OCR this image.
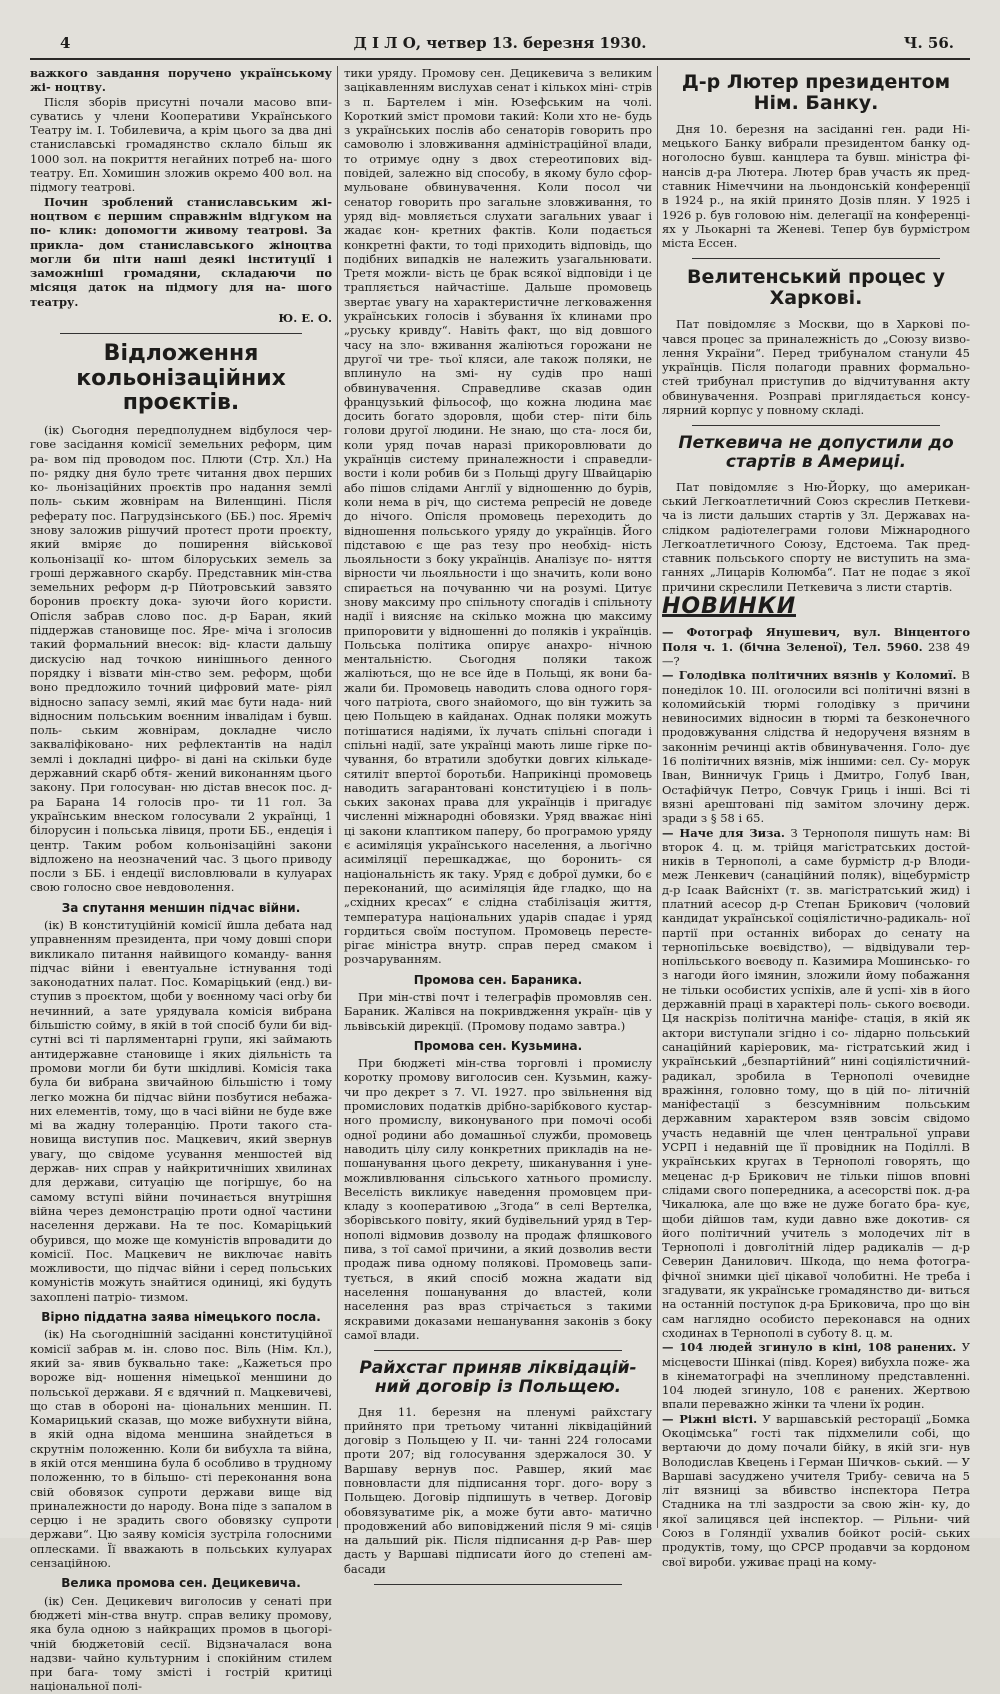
4	Д І Л О, четвер 13. березня 1930.	Ч. 56.

важкого завдання поручено українському жі- ноцтву.

Після зборів присутні почали масово впи- суватись у члени Кооперативи Українського Театру ім. І. Тобилевича, а крім цього за два дні станиславські громадянство склало більш як 1000 зол. на покриття негайних потреб на- шого театру. Еп. Хомишин зложив окремо 400 вол. на підмогу театрові.

Почин зроблений станиславським жі- ноцтвом є першим справжнім відгуком на по- клик: допомогти живому театрові. За прикла- дом станиславського жіноцтва могли би піти наші деякі інституції і заможніші громадяни, складаючи по місяця даток на підмогу для на- шого театру.

Ю. Е. О.
Відложення кольонізаційних проєктів.

(ік) Сьогодня передполуднем відбулося чер- гове засідання комісії земельних реформ, цим ра- вом під проводом пос. Плюти (Стр. Хл.) На по- рядку дня було третє читання двох перших ко- льонізаційних проєктів про надання землі поль- ським жовнірам на Виленщині. Після реферату пос. Пагрудзінського (ББ.) пос. Яреміч знову заложив рішучий протест проти проєкту, який вміряє до поширення військової кольонізації ко- штом білоруських земель за гроші державного скарбу. Представник мін-ства земельних реформ д-р Пйотровський завзято боронив проєкту дока- зуючи його користи. Опісля забрав слово пос. д-р Баран, який піддержав становище пос. Яре- міча і зголосив такий формальний внесок: від- класти дальшу дискусію над точкою нинішнього денного порядку і візвати мін-ство зем. реформ, щоби воно предложило точний цифровий мате- ріял відносно запасу землі, який має бути нада- ний відносним польським воєнним інвалідам і бувш. поль- ським жовнірам, докладне число закваліфіковано- них рефлектантів на наділ землі і докладні цифро- ві дані на скільки буде державний скарб обтя- жений виконанням цього закону. При голосуван- ню дістав внесок пос. д-ра Барана 14 голосів про- ти 11 гол. За українським внеском голосували 2 українці, 1 білорусин і польська лівиця, проти ББ., ендеція і центр. Таким робом кольонізаційні закони відложено на неозначений час. З цього приводу посли з ББ. і ендеції висловлювали в кулуарах свою голосно свое невдоволення.

За спутання меншин підчас війни.

(ік) В конституційній комісії йшла дебата над управненням президента, при чому довші спори викликало питання найвищого команду- вання підчас війни і евентуальне істнування тоді законодатних палат. Пос. Комаріцький (енд.) ви- ступив з проєктом, щоби у воєнному часі orbу би нечинний, а зате урядувала комісія вибрана більшістю сойму, в якій в той спосіб були би від- сутні всі ті парляментарні групи, які займають антидержавне становище і яких діяльність та промови могли би бути шкідливі. Комісія така була би вибрана звичайною більшістю і тому легко можна би підчас війни позбутися небажа- них елементів, тому, що в часі війни не буде вже мі ва жадну толеранцію. Проти такого ста- новища виступив пос. Мацкевич, який звернув увагу, що свідоме усування меншостей від держав- них справ у найкритичніших хвилинах для держави, ситуацію ще погіршує, бо на самому вступі війни починається внутрішня війна через демонстрацію проти одної частини населення держави. На те пос. Комаріцький обурився, що може ще комуністів впровадити до комісії. Пос. Мацкевич не виключає навіть можливости, що підчас війни і серед польських комуністів можуть знайтися одиниці, які будуть захоплені патріо- тизмом.

Вірно піддатна заява німецького посла.

(ік) На сьогоднішній засіданні конституційної комісії забрав м. ін. слово пос. Віль (Нім. Кл.), який за- явив буквально таке: „Кажеться про вороже від- ношення німецької меншини до польської держави. Я є вдячний п. Мацкевичеві, що став в обороні на- ціональних меншин. П. Комарицький сказав, що може вибухнути війна, в якій одна відома меншина знайдеться в скрутнім положенню. Коли би вибухла та війна, в якій отся меншина була б особливо в трудному положенню, то в більшо- сті переконання вона свій обовязок супроти держави вище від приналежности до народу. Вона піде з запалом в серцю і не зрадить свого обовязку супроти держави“. Цю заяву комісія зустріла голосними оплесками. Її вважають в польських кулуарах сензаційною.

Велика промова сен. Децикевича.

(ік) Сен. Децикевич виголосив у сенаті при бюджеті мін-ства внутр. справ велику промову, яка була одною з найкращих промов в цьогорі- чній бюджетовій сесії. Відзначалася вона надзви- чайно культурним і спокійним стилем при бага- тому змісті і гострій критиці національної полі-

тики уряду. Промову сен. Децикевича з великим зацікавленням вислухав сенат і кількох міні- стрів з п. Бартелем і мін. Юзефським на чолі. Короткий зміст промови такий: Коли хто не- будь з українських послів або сенаторів говорить про самоволю і зловживання адміністраційної влади, то отримує одну з двох стереотипових від- повідей, залежно від способу, в якому було сфор- мульоване обвинувачення. Коли посол чи сенатор говорить про загальне зловживання, то уряд від- мовляється слухати загальних увааг і жадає кон- кретних фактів. Коли подається конкретні факти, то тоді приходить відповідь, що подібних випадків не належить узагальнювати. Третя можли- вість це брак всякої відповіди і це трапляється найчастіше. Дальше промовець звертає увагу на характеристичне легковаження українських голосів і збування їх клинами про „руську кривду“. Навіть факт, що від довшого часу на зло- вживання жаліються горожани не другої чи тре- тьої кляси, але також поляки, не вплинуло на змі- ну судів про наші обвинувачення. Справедливе сказав один французький фільософ, що кожна людина має досить богато здоровля, щоби стер- піти біль голови другої людини. Не знаю, що ста- лося би, коли уряд почав наразі прикоровлювати до українців систему приналежности і справедли- вости і коли робив би з Польщі другу Швайцарію або пішов слідами Англії у відношенню до бурів, коли нема в річ, що система репресій не доведе до нічого. Опісля промовець переходить до відношення польського уряду до українців. Його підставою є ще раз тезу про необхід- ність льояльности з боку українців. Аналізує по- няття вірности чи льояльности і що значить, коли воно спирається на почуванню чи на розумі. Цитує знову максиму про спільноту спогадів і спільноту надії і виясняє на скілько можна цю максиму припоровити у відношенні до поляків і українців. Польська політика опирує анахро- нічною ментальністю. Сьогодня поляки також жаліються, що не все йде в Польщі, як вони ба- жали би. Промовець наводить слова одного горя- чого патріота, свого знайомого, що він тужить за цею Польщею в кайданах. Однак поляки можуть потішатися надіями, їх лучать спільні спогади і спільні надії, зате українці мають лише гірке по- чування, бо втратили здобутки довгих кількаде- сятиліт впертої боротьби. Наприкінці промовець наводить загарантовані конституцією і в поль- ських законах права для українців і пригадує численні міжнародні обовязки. Уряд вважає ніні ці закони клаптиком паперу, бо програмою уряду є асиміляція українського населення, а льогічно асиміляції перешкаджає, що боронить- ся національність як таку. Уряд є доброї думки, бо є переконаний, що асиміляція йде гладко, що на „східних кресах“ є слідна стабілізація життя, температура національних ударів спадає і уряд гордиться своїм поступом. Промовець пересте- рігає міністра внутр. справ перед смаком і розчаруванням.

Промова сен. Бараника.

При мін-стві почт і телеграфів промовляв сен. Бараник. Жалівся на покривдження україн- ців у львівській дирекції. (Промову подамо завтра.)

Промова сен. Кузьмина.

При бюджеті мін-ства торговлі і промислу коротку промову виголосив сен. Кузьмин, кажу- чи про декрет з 7. VI. 1927. про звільнення від промислових податків дрібно-зарібкового кустар- ного промислу, виконуваного при помочі ocoбi одної родини або домашньої служби, промовець наводить цілу силу конкретних прикладів на не- пошанування цього декрету, шиканування і уне- можливлювання сільського хатнього промислу. Веселість викликує наведення промовцем при- кладу з кооперативою „Згода“ в селі Вертелка, зборівського повіту, який будівельний уряд в Тер- нополі відмовив дозволу на продаж фляшкового пива, з тої самої причини, а який дозволив вести продаж пива одному полякові. Промовець запи- тується, в який спосіб можна жадати від населення пошанування до властей, коли населення раз враз стрічається з такими яскравими доказами нешанування законів з боку самої влади.

Райхстаг приняв ліквідацій- ний договір із Польщею.

Дня 11. березня на пленумі райхстагу прийнято при третьому читанні ліквідаційний договір з Польщею у II. чи- танні 224 голосами проти 207; від голосування здержалося 30. У Варшаву вернув пос. Равшер, який має повновласти для підписання торг. дого- вору з Польщею. Договір підпишуть в четвер. Договір обовязуватиме рік, а може бути авто- матично продовжений або виповіджений після 9 мі- сяців на дальший рік. Після підписання д-р Рав- шер дасть у Варшаві підписати його до степені ам- басади

Д-р Лютер президентом Нім. Банку.

Дня 10. березня на засіданні ген. ради Ні- мецького Банку вибрали президентом банку од- ноголосно бувш. канцлера та бувш. міністра фі- нансів д-ра Лютера. Лютер брав участь як пред- ставник Німеччини на льондонській конференції в 1924 р., на якій принято Дозів плян. У 1925 і 1926 р. був головою нім. делегації на конференці- ях у Льокарні та Женеві. Тепер був бурмістром міста Ессен.

Велитенський процес у Харкові.

Пат повідомляє з Москви, що в Харкові по- чався процес за приналежність до „Союзу визво- лення України“. Перед трибуналом станули 45 українців. Після полагоди правних формально- стей трибунал приступив до відчитування акту обвинувачення. Розправі приглядається консу- лярний корпус у повному складі.

Петкевича не допустили до стартів в Америці.

Пат повідомляє з Ню-Йорку, що американ- ський Легкоатлетичний Союз скреслив Петкеви- ча із листи дальших стартів у Зл. Державах на- слідком радіотелеграми голови Міжнародного Легкоатлетичного Союзу, Едстоема. Так пред- ставник польського спорту не виступить на зма- ганнях „Лицарів Колюмба“. Пат не подає з якої причини скреслили Петкевича з листи стартів.

НОВИНКИ

— Фотограф Янушевич, вул. Вінцентого Поля ч. 1. (бічна Зеленої), Тел. 5960. 238 49—?

— Голодівка політичних вязнів у Коломиї. В понеділок 10. III. оголосили всі політичні вязні в коломийській тюрмі голодівку з причини невиносимих відносин в тюрмі та безконечного продовжування слідства й недорученя вязням в законнім речинці актів обвинувачення. Голо- дує 16 політичних вязнів, між іншими: сел. Су- морук Іван, Винничук Гриць і Дмитро, Голуб Іван, Остафійчук Петро, Совчук Гриць і інші. Всі ті вязні арештовані під замітом злочину держ. зради з § 58 і 65.

— Наче для Зиза. З Тернополя пишуть нам: Ві второк 4. ц. м. трійця магістратських достой- ників в Тернополі, а саме бурмістр д-р Влоди- меж Ленкевич (санаційний поляк), віцебурмістр д-р Ісаак Вайсніхт (т. зв. магістратський жид) і платний асесор д-р Степан Брикович (чоловий кандидат української соціялістично-радикаль- ної партії при останніх виборах до сенату на тернопільське воєвідство), — відвідували тер- нопільського воєводу п. Казимира Мошинсько- го з нагоди його імянин, зложили йому побажання не тільки особистих успіхів, але й успі- хів в його державній праці в характері поль- ського воєводи. Ця наскрізь політична маніфе- стація, в якій як актори виступали згідно і со- лідарно польський санаційний каріеровик, ма- гістратський жид і український „безпартійний“ нині соціялістичний-радикал, зробила в Тернополі очевидне вражіння, головно тому, що в цій по- літичній маніфестації з безсумнівним польським державним характером взяв зовсім свідомо участь недавній ще член центральної управи УСРП і недавній ще її провідник на Поділлі. В українських кругах в Тернополі говорять, що меценас д-р Брикович не тільки пішов вповні слідами свого попередника, а асесорстві пок. д-ра Чикалюка, але що вже не дуже богато бра- кує, щоби дійшов там, куди давно вже докотив- ся його політичний учитель з молодечих літ в Тернополі і довголітній лідер радикалів — д-р Северин Данилович. Шкода, що нема фотогра- фічної знимки цієї цікавої чолобитні. Не треба і згадувати, як українське громадянство ди- виться на останній поступок д-ра Бриковича, про що він сам наглядно особисто переконався на одних сходинах в Тернополі в суботу 8. ц. м.

— 104 людей згинуло в кіні, 108 ранених. У місцевости Шінкаі (півд. Корея) вибухла поже- жа в кінематографі на зчеплиному представленні. 104 людей згинуло, 108 є ранених. Жертвою впали переважно жінки та члени їх родин.

— Ріжні вісті. У варшавській ресторації „Бомка Окоцімська“ гості так підхмелили собі, що вертаючи до дому почали бійку, в якій зги- нув Володислав Квецень і Герман Шичков- ський. — У Варшаві засуджено учителя Трибу- севича на 5 літ вязниці за вбивство інспектора Петра Стадника на тлі заздрости за свою жін- ку, до якої залицявся цей інспектор. — Рільни- чий Союз в Голяндії ухвалив бойкот росій- ських продуктів, тому, що СРСР продавчи за кордоном свої вироби. уживає праці на кому-
